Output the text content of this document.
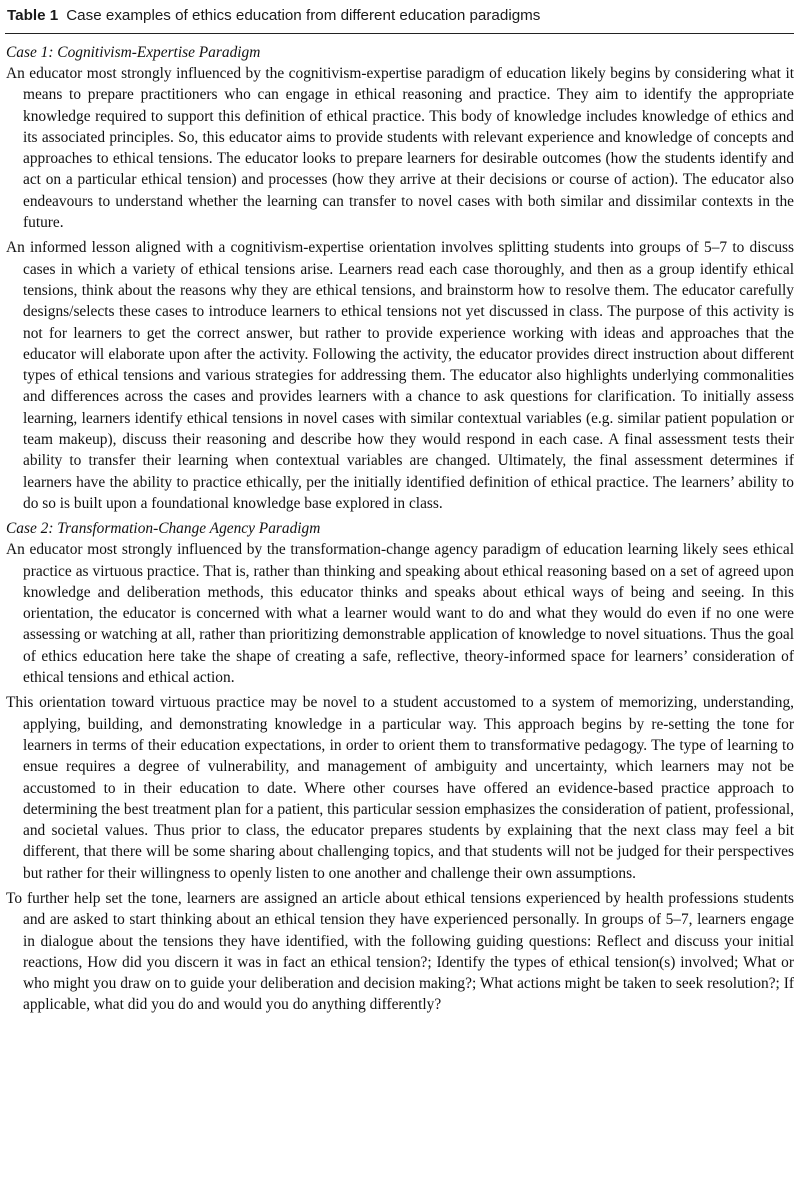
Table 1 Case examples of ethics education from different education paradigms
Case 1: Cognitivism-Expertise Paradigm

An educator most strongly influenced by the cognitivism-expertise paradigm of education likely begins by considering what it means to prepare practitioners who can engage in ethical reasoning and practice. They aim to identify the appropriate knowledge required to support this definition of ethical practice. This body of knowledge includes knowledge of ethics and its associated principles. So, this educator aims to provide students with relevant experience and knowledge of concepts and approaches to ethical tensions. The educator looks to prepare learners for desirable outcomes (how the students identify and act on a particular ethical tension) and processes (how they arrive at their decisions or course of action). The educator also endeavours to understand whether the learning can transfer to novel cases with both similar and dissimilar contexts in the future.

An informed lesson aligned with a cognitivism-expertise orientation involves splitting students into groups of 5–7 to discuss cases in which a variety of ethical tensions arise. Learners read each case thoroughly, and then as a group identify ethical tensions, think about the reasons why they are ethical tensions, and brainstorm how to resolve them. The educator carefully designs/selects these cases to introduce learners to ethical tensions not yet discussed in class. The purpose of this activity is not for learners to get the correct answer, but rather to provide experience working with ideas and approaches that the educator will elaborate upon after the activity. Following the activity, the educator provides direct instruction about different types of ethical tensions and various strategies for addressing them. The educator also highlights underlying commonalities and differences across the cases and provides learners with a chance to ask questions for clarification. To initially assess learning, learners identify ethical tensions in novel cases with similar contextual variables (e.g. similar patient population or team makeup), discuss their reasoning and describe how they would respond in each case. A final assessment tests their ability to transfer their learning when contextual variables are changed. Ultimately, the final assessment determines if learners have the ability to practice ethically, per the initially identified definition of ethical practice. The learners’ ability to do so is built upon a foundational knowledge base explored in class.

Case 2: Transformation-Change Agency Paradigm

An educator most strongly influenced by the transformation-change agency paradigm of education learning likely sees ethical practice as virtuous practice. That is, rather than thinking and speaking about ethical reasoning based on a set of agreed upon knowledge and deliberation methods, this educator thinks and speaks about ethical ways of being and seeing. In this orientation, the educator is concerned with what a learner would want to do and what they would do even if no one were assessing or watching at all, rather than prioritizing demonstrable application of knowledge to novel situations. Thus the goal of ethics education here take the shape of creating a safe, reflective, theory-informed space for learners’ consideration of ethical tensions and ethical action.

This orientation toward virtuous practice may be novel to a student accustomed to a system of memorizing, understanding, applying, building, and demonstrating knowledge in a particular way. This approach begins by re-setting the tone for learners in terms of their education expectations, in order to orient them to transformative pedagogy. The type of learning to ensue requires a degree of vulnerability, and management of ambiguity and uncertainty, which learners may not be accustomed to in their education to date. Where other courses have offered an evidence-based practice approach to determining the best treatment plan for a patient, this particular session emphasizes the consideration of patient, professional, and societal values. Thus prior to class, the educator prepares students by explaining that the next class may feel a bit different, that there will be some sharing about challenging topics, and that students will not be judged for their perspectives but rather for their willingness to openly listen to one another and challenge their own assumptions.

To further help set the tone, learners are assigned an article about ethical tensions experienced by health professions students and are asked to start thinking about an ethical tension they have experienced personally. In groups of 5–7, learners engage in dialogue about the tensions they have identified, with the following guiding questions: Reflect and discuss your initial reactions, How did you discern it was in fact an ethical tension?; Identify the types of ethical tension(s) involved; What or who might you draw on to guide your deliberation and decision making?; What actions might be taken to seek resolution?; If applicable, what did you do and would you do anything differently?
